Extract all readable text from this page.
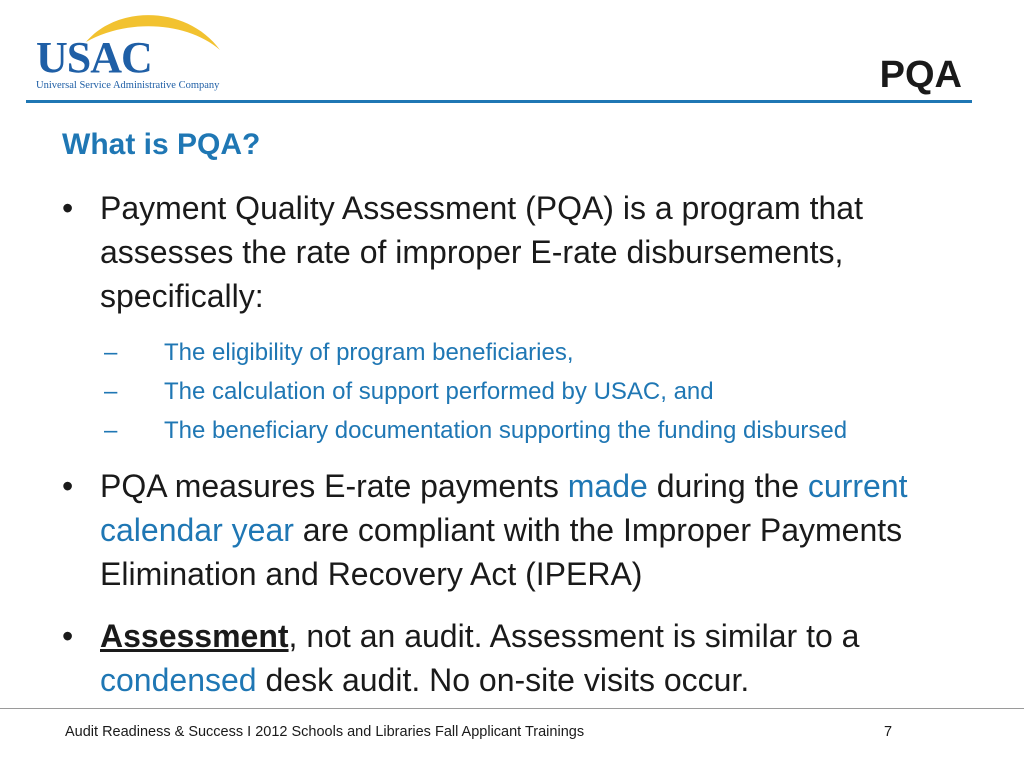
USAC
Universal Service Administrative Company	PQA
What is PQA?
• Payment Quality Assessment (PQA) is a program that assesses the rate of improper E-rate disbursements, specifically:
– The eligibility of program beneficiaries,
– The calculation of support performed by USAC, and
– The beneficiary documentation supporting the funding disbursed
• PQA measures E-rate payments made during the current calendar year are compliant with the Improper Payments Elimination and Recovery Act (IPERA)
• Assessment, not an audit. Assessment is similar to a condensed desk audit. No on-site visits occur.
Audit Readiness & Success I 2012 Schools and Libraries Fall Applicant Trainings	7
